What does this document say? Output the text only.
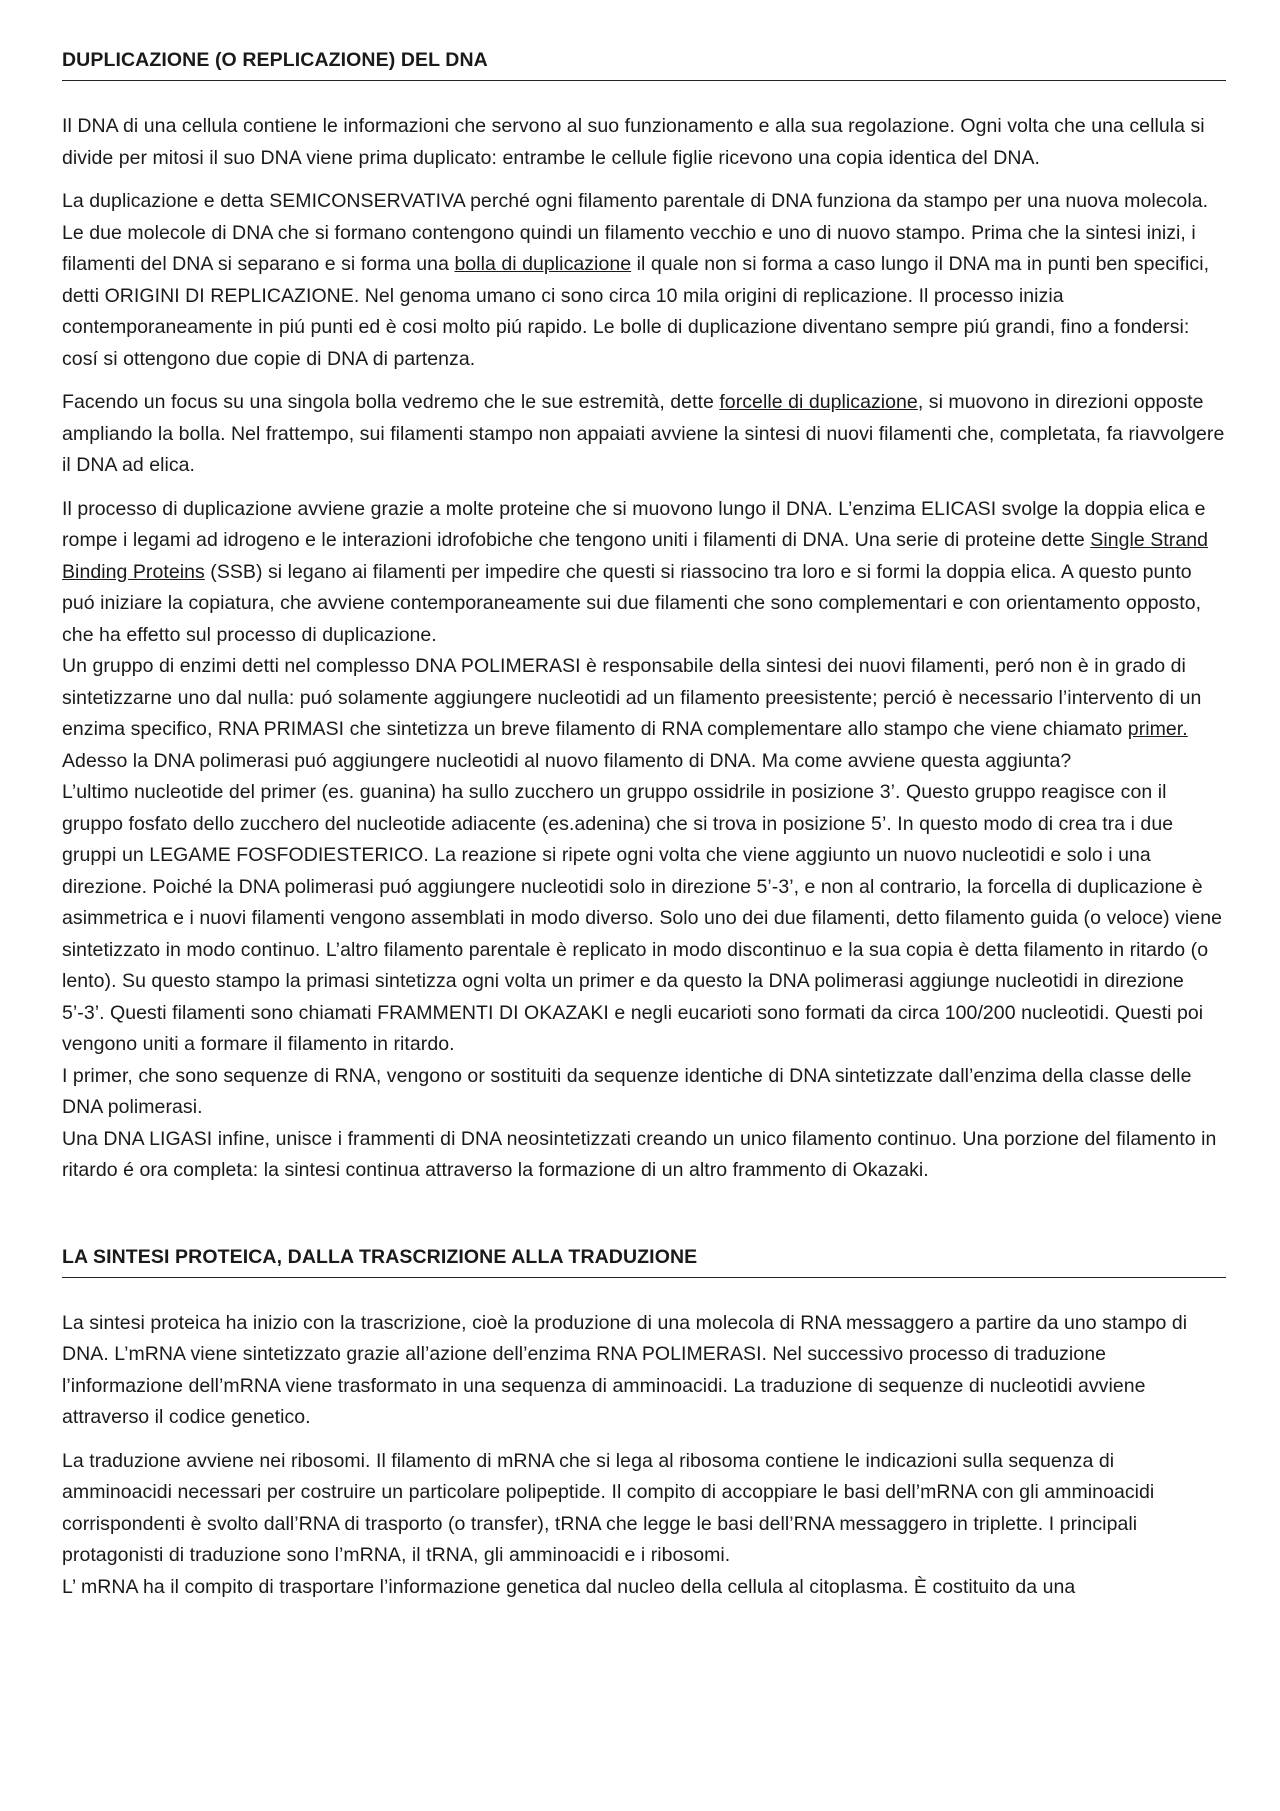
DUPLICAZIONE (O REPLICAZIONE) DEL DNA

Il DNA di una cellula contiene le informazioni che servono al suo funzionamento e alla sua regolazione. Ogni volta che una cellula si divide per mitosi il suo DNA viene prima duplicato: entrambe le cellule figlie ricevono una copia identica del DNA.

La duplicazione e detta SEMICONSERVATIVA perché ogni filamento parentale di DNA funziona da stampo per una nuova molecola. Le due molecole di DNA che si formano contengono quindi un filamento vecchio e uno di nuovo stampo. Prima che la sintesi inizi, i filamenti del DNA si separano e si forma una bolla di duplicazione il quale non si forma a caso lungo il DNA ma in punti ben specifici, detti ORIGINI DI REPLICAZIONE. Nel genoma umano ci sono circa 10 mila origini di replicazione. Il processo inizia contemporaneamente in piú punti ed è cosi molto piú rapido. Le bolle di duplicazione diventano sempre piú grandi, fino a fondersi: cosí si ottengono due copie di DNA di partenza.

Facendo un focus su una singola bolla vedremo che le sue estremità, dette forcelle di duplicazione, si muovono in direzioni opposte ampliando la bolla. Nel frattempo, sui filamenti stampo non appaiati avviene la sintesi di nuovi filamenti che, completata, fa riavvolgere il DNA ad elica.

Il processo di duplicazione avviene grazie a molte proteine che si muovono lungo il DNA. L’enzima ELICASI svolge la doppia elica e rompe i legami ad idrogeno e le interazioni idrofobiche che tengono uniti i filamenti di DNA. Una serie di proteine dette Single Strand Binding Proteins (SSB) si legano ai filamenti per impedire che questi si riassocino tra loro e si formi la doppia elica. A questo punto puó iniziare la copiatura, che avviene contemporaneamente sui due filamenti che sono complementari e con orientamento opposto, che ha effetto sul processo di duplicazione.

Un gruppo di enzimi detti nel complesso DNA POLIMERASI è responsabile della sintesi dei nuovi filamenti, peró non è in grado di sintetizzarne uno dal nulla: puó solamente aggiungere nucleotidi ad un filamento preesistente; perció è necessario l’intervento di un enzima specifico, RNA PRIMASI che sintetizza un breve filamento di RNA complementare allo stampo che viene chiamato primer. Adesso la DNA polimerasi puó aggiungere nucleotidi al nuovo filamento di DNA. Ma come avviene questa aggiunta?

L’ultimo nucleotide del primer (es. guanina) ha sullo zucchero un gruppo ossidrile in posizione 3’. Questo gruppo reagisce con il gruppo fosfato dello zucchero del nucleotide adiacente (es.adenina) che si trova in posizione 5’. In questo modo di crea tra i due gruppi un LEGAME FOSFODIESTERICO. La reazione si ripete ogni volta che viene aggiunto un nuovo nucleotidi e solo i una direzione. Poiché la DNA polimerasi puó aggiungere nucleotidi solo in direzione 5’-3’, e non al contrario, la forcella di duplicazione è asimmetrica e i nuovi filamenti vengono assemblati in modo diverso. Solo uno dei due filamenti, detto filamento guida (o veloce) viene sintetizzato in modo continuo. L’altro filamento parentale è replicato in modo discontinuo e la sua copia è detta filamento in ritardo (o lento). Su questo stampo la primasi sintetizza ogni volta un primer e da questo la DNA polimerasi aggiunge nucleotidi in direzione 5’-3’. Questi filamenti sono chiamati FRAMMENTI DI OKAZAKI e negli eucarioti sono formati da circa 100/200 nucleotidi. Questi poi vengono uniti a formare il filamento in ritardo.

I primer, che sono sequenze di RNA, vengono or sostituiti da sequenze identiche di DNA sintetizzate dall’enzima della classe delle DNA polimerasi.

Una DNA LIGASI infine, unisce i frammenti di DNA neosintetizzati creando un unico filamento continuo. Una porzione del filamento in ritardo é ora completa: la sintesi continua attraverso la formazione di un altro frammento di Okazaki.

LA SINTESI PROTEICA, DALLA TRASCRIZIONE ALLA TRADUZIONE

La sintesi proteica ha inizio con la trascrizione, cioè la produzione di una molecola di RNA messaggero a partire da uno stampo di DNA. L’mRNA viene sintetizzato grazie all’azione dell’enzima RNA POLIMERASI. Nel successivo processo di traduzione l’informazione dell’mRNA viene trasformato in una sequenza di amminoacidi. La traduzione di sequenze di nucleotidi avviene attraverso il codice genetico.

La traduzione avviene nei ribosomi. Il filamento di mRNA che si lega al ribosoma contiene le indicazioni sulla sequenza di amminoacidi necessari per costruire un particolare polipeptide. Il compito di accoppiare le basi dell’mRNA con gli amminoacidi corrispondenti è svolto dall’RNA di trasporto (o transfer), tRNA che legge le basi dell’RNA messaggero in triplette. I principali protagonisti di traduzione sono l’mRNA, il tRNA, gli amminoacidi e i ribosomi.

L’ mRNA ha il compito di trasportare l’informazione genetica dal nucleo della cellula al citoplasma. È costituito da una
